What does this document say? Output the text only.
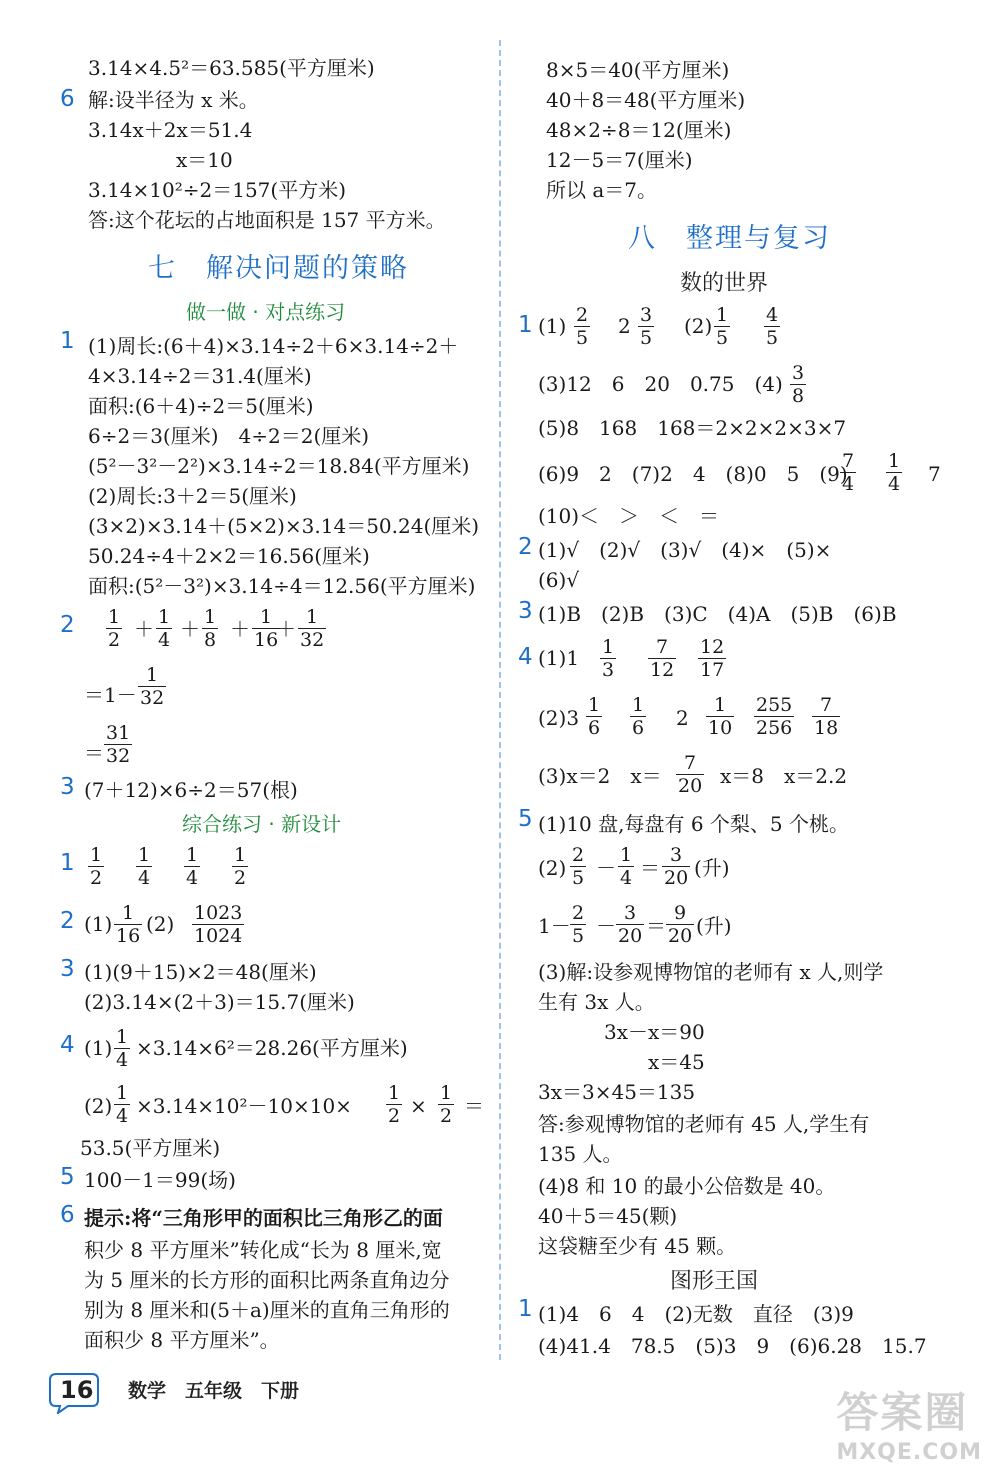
3.14×4.5²＝63.585(平方厘米)
6 解:设半径为 x 米。
3.14x＋2x＝51.4
x＝10
3.14×10²÷2＝157(平方米)
答:这个花坛的占地面积是 157 平方米。
七　解决问题的策略
做一做 · 对点练习
1 (1)周长:(6＋4)×3.14÷2＋6×3.14÷2＋
4×3.14÷2＝31.4(厘米)
面积:(6＋4)÷2＝5(厘米)
6÷2＝3(厘米)　4÷2＝2(厘米)
(5²－3²－2²)×3.14÷2＝18.84(平方厘米)
(2)周长:3＋2＝5(厘米)
(3×2)×3.14＋(5×2)×3.14＝50.24(厘米)
50.24÷4＋2×2＝16.56(厘米)
面积:(5²－3²)×3.14÷4＝12.56(平方厘米)
2
＝1－
＝
3 (7＋12)×6÷2＝57(根)
综合练习 · 新设计
1
2 (1) (2)
3 (1)(9＋15)×2＝48(厘米)
(2)3.14×(2＋3)＝15.7(厘米)
4 (1) ×3.14×6²＝28.26(平方厘米)
(2) ×3.14×10²－10×10×	× ＝
53.5(平方厘米)
5 100－1＝99(场)
6 提示:将“三角形甲的面积比三角形乙的面
积少 8 平方厘米”转化成“长为 8 厘米,宽
为 5 厘米的长方形的面积比两条直角边分
别为 8 厘米和(5＋a)厘米的直角三角形的
面积少 8 平方厘米”。
$\frac{1}{2} \frac{1}{4} \frac{1}{8} \frac{1}{16} \frac{1}{32}$
＋ ＋ ＋ ＋
$\frac{1}{32}$
$\frac{31}{32}$
$\frac{1}{2} \frac{1}{4} \frac{1}{4} \frac{1}{2}$
$\frac{1}{16}$	$\frac{1023}{1024}$
$\frac{1}{4}$
$\frac{1}{4}$	$\frac{1}{2} \frac{1}{2}$
8×5＝40(平方厘米)
40＋8＝48(平方厘米)
48×2÷8＝12(厘米)
12－5＝7(厘米)
所以 a＝7。
八　整理与复习
数的世界
1 (1)	(2)
(3)12　6　20　0.75　(4)
(5)8　168　168＝2×2×2×3×7
(6)9　2　(7)2　4　(8)0　5　(9)	7
(10)＜　＞　＜　＝
2 (1)√　(2)√　(3)√　(4)×　(5)×
(6)√
3 (1)B　(2)B　(3)C　(4)A　(5)B　(6)B
4 (1)1
(2)3	2
(3)x＝2　x＝	x＝8　x＝2.2
5 (1)10 盘,每盘有 6 个梨、5 个桃。
(2) － ＝ (升)
1－ － ＝ (升)
(3)解:设参观博物馆的老师有 x 人,则学
生有 3x 人。
3x－x＝90
x＝45
3x＝3×45＝135
答:参观博物馆的老师有 45 人,学生有
135 人。
(4)8 和 10 的最小公倍数是 40。
40＋5＝45(颗)
这袋糖至少有 45 颗。
图形王国
1 (1)4　6　4　(2)无数　直径　(3)9
(4)41.4　78.5　(5)3　9　(6)6.28　15.7
$\frac{2}{5} 2 \frac{3}{5}$	$\frac{1}{5} \frac{4}{5}$
$\frac{3}{8}$
$\frac{7}{4} \frac{1}{4}$
$\frac{1}{3} \frac{7}{12} \frac{12}{17}$
$\frac{1}{6} \frac{1}{6}$	$\frac{1}{10} \frac{255}{256} \frac{7}{18}$
$\frac{7}{20}$
$\frac{2}{5} \frac{1}{4} \frac{3}{20}$
$\frac{2}{5} \frac{3}{20} \frac{9}{20}$
16 数学　五年级　下册	答案圈
MXQE.COM
